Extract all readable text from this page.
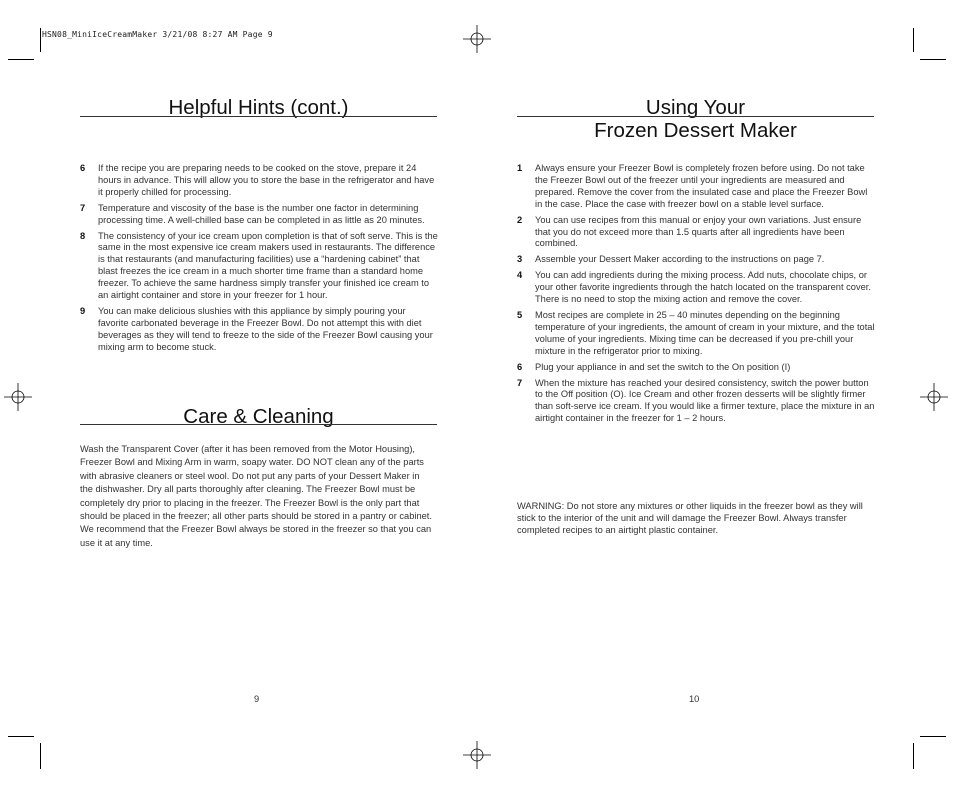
HSN08_MiniIceCreamMaker 3/21/08 8:27 AM Page 9
Helpful Hints (cont.)
6 If the recipe you are preparing needs to be cooked on the stove, prepare it 24 hours in advance. This will allow you to store the base in the refrigerator and have it properly chilled for processing.
7 Temperature and viscosity of the base is the number one factor in determining processing time. A well-chilled base can be completed in as little as 20 minutes.
8 The consistency of your ice cream upon completion is that of soft serve. This is the same in the most expensive ice cream makers used in restaurants. The difference is that restaurants (and manufacturing facilities) use a “hardening cabinet” that blast freezes the ice cream in a much shorter time frame than a standard home freezer. To achieve the same hardness simply transfer your finished ice cream to an airtight container and store in your freezer for 1 hour.
9 You can make delicious slushies with this appliance by simply pouring your favorite carbonated beverage in the Freezer Bowl. Do not attempt this with diet beverages as they will tend to freeze to the side of the Freezer Bowl causing your mixing arm to become stuck.
Care & Cleaning

Wash the Transparent Cover (after it has been removed from the Motor Housing), Freezer Bowl and Mixing Arm in warm, soapy water. DO NOT clean any of the parts with abrasive cleaners or steel wool. Do not put any parts of your Dessert Maker in the dishwasher. Dry all parts thoroughly after cleaning. The Freezer Bowl must be completely dry prior to placing in the freezer. The Freezer Bowl is the only part that should be placed in the freezer; all other parts should be stored in a pantry or cabinet. We recommend that the Freezer Bowl always be stored in the freezer so that you can use it at any time.

9
Using Your
Frozen Dessert Maker
1 Always ensure your Freezer Bowl is completely frozen before using. Do not take the Freezer Bowl out of the freezer until your ingredients are measured and prepared. Remove the cover from the insulated case and place the Freezer Bowl in the case. Place the case with freezer bowl on a stable level surface.
2 You can use recipes from this manual or enjoy your own variations. Just ensure that you do not exceed more than 1.5 quarts after all ingredients have been combined.
3 Assemble your Dessert Maker according to the instructions on page 7.
4 You can add ingredients during the mixing process. Add nuts, chocolate chips, or your other favorite ingredients through the hatch located on the transparent cover. There is no need to stop the mixing action and remove the cover.
5 Most recipes are complete in 25 – 40 minutes depending on the beginning temperature of your ingredients, the amount of cream in your mixture, and the total volume of your ingredients. Mixing time can be decreased if you pre-chill your mixture in the refrigerator prior to mixing.
6 Plug your appliance in and set the switch to the On position (I)
7 When the mixture has reached your desired consistency, switch the power button to the Off position (O). Ice Cream and other frozen desserts will be slightly firmer than soft-serve ice cream. If you would like a firmer texture, place the mixture in an airtight container in the freezer for 1 – 2 hours.

WARNING: Do not store any mixtures or other liquids in the freezer bowl as they will stick to the interior of the unit and will damage the Freezer Bowl. Always transfer completed recipes to an airtight plastic container.

10
